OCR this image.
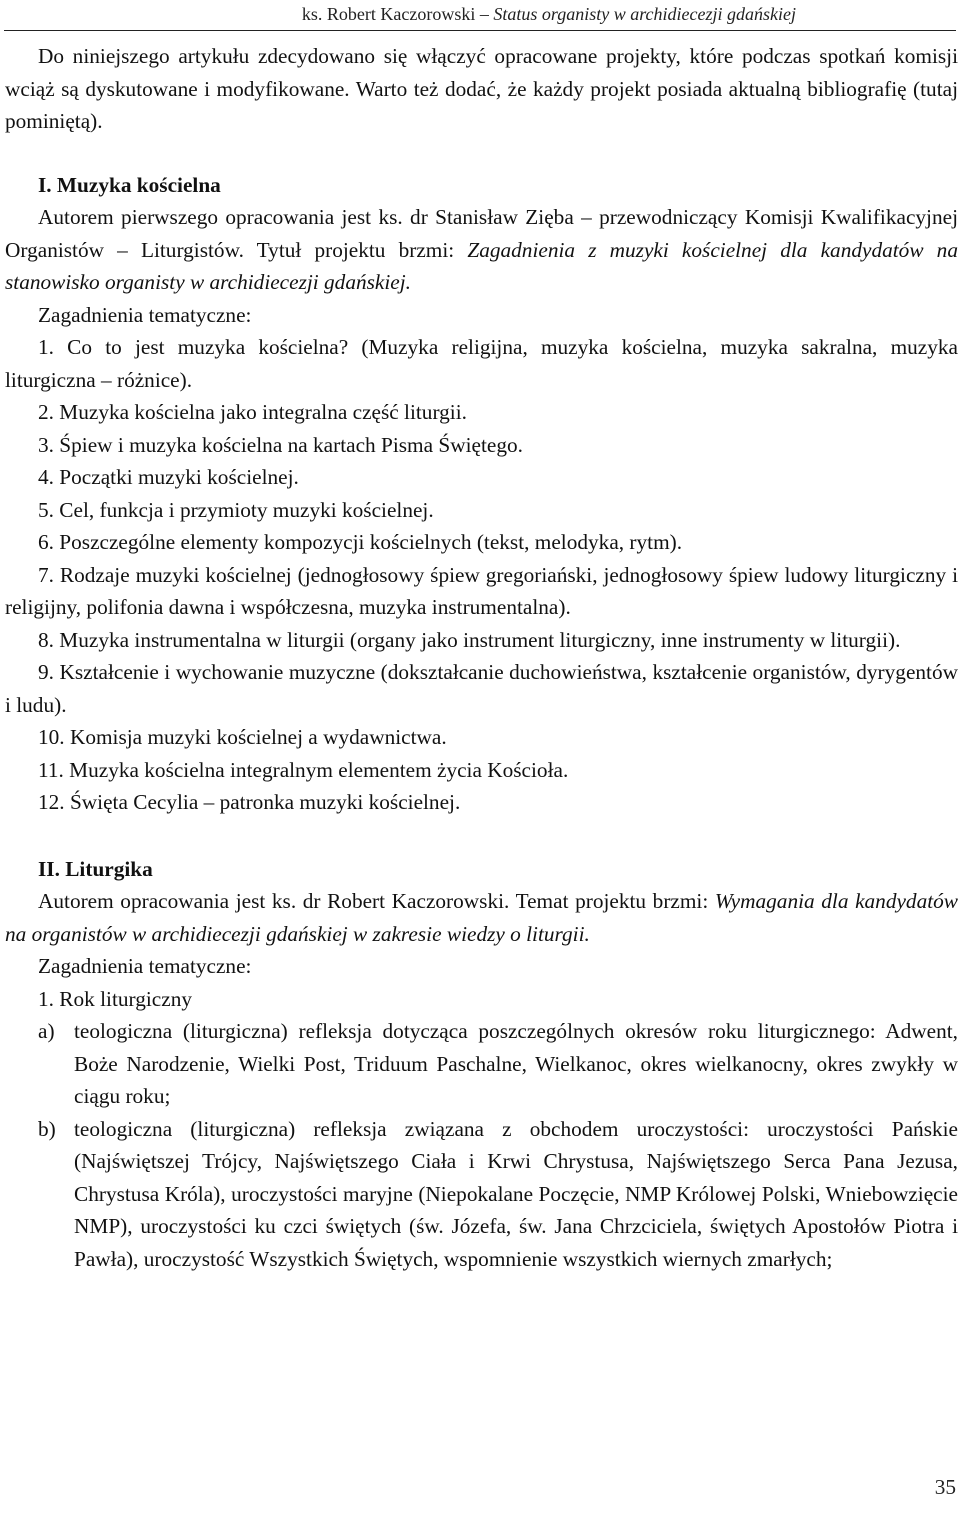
ks. Robert Kaczorowski – Status organisty w archidiecezji gdańskiej

Do niniejszego artykułu zdecydowano się włączyć opracowane projekty, które podczas spotkań komisji wciąż są dyskutowane i modyfikowane. Warto też dodać, że każdy projekt posiada aktualną bibliografię (tutaj pominiętą).

I. Muzyka kościelna

Autorem pierwszego opracowania jest ks. dr Stanisław Zięba – przewodniczący Komisji Kwalifikacyjnej Organistów – Liturgistów. Tytuł projektu brzmi: Zagadnienia z muzyki kościelnej dla kandydatów na stanowisko organisty w archidiecezji gdańskiej.

Zagadnienia tematyczne:

1. Co to jest muzyka kościelna? (Muzyka religijna, muzyka kościelna, muzyka sakralna, muzyka liturgiczna – różnice).

2. Muzyka kościelna jako integralna część liturgii.

3. Śpiew i muzyka kościelna na kartach Pisma Świętego.

4. Początki muzyki kościelnej.

5. Cel, funkcja i przymioty muzyki kościelnej.

6. Poszczególne elementy kompozycji kościelnych (tekst, melodyka, rytm).

7. Rodzaje muzyki kościelnej (jednogłosowy śpiew gregoriański, jednogłosowy śpiew ludowy liturgiczny i religijny, polifonia dawna i współczesna, muzyka instrumentalna).

8. Muzyka instrumentalna w liturgii (organy jako instrument liturgiczny, inne instrumenty w liturgii).

9. Kształcenie i wychowanie muzyczne (dokształcanie duchowieństwa, kształcenie organistów, dyrygentów i ludu).

10. Komisja muzyki kościelnej a wydawnictwa.

11. Muzyka kościelna integralnym elementem życia Kościoła.

12. Święta Cecylia – patronka muzyki kościelnej.

II. Liturgika

Autorem opracowania jest ks. dr Robert Kaczorowski. Temat projektu brzmi: Wymagania dla kandydatów na organistów w archidiecezji gdańskiej w zakresie wiedzy o liturgii.

Zagadnienia tematyczne:

1. Rok liturgiczny

a) teologiczna (liturgiczna) refleksja dotycząca poszczególnych okresów roku liturgicznego: Adwent, Boże Narodzenie, Wielki Post, Triduum Paschalne, Wielkanoc, okres wielkanocny, okres zwykły w ciągu roku;
b) teologiczna (liturgiczna) refleksja związana z obchodem uroczystości: uroczystości Pańskie (Najświętszej Trójcy, Najświętszego Ciała i Krwi Chrystusa, Najświętszego Serca Pana Jezusa, Chrystusa Króla), uroczystości maryjne (Niepokalane Poczęcie, NMP Królowej Polski, Wniebowzięcie NMP), uroczystości ku czci świętych (św. Józefa, św. Jana Chrzciciela, świętych Apostołów Piotra i Pawła), uroczystość Wszystkich Świętych, wspomnienie wszystkich wiernych zmarłych;
35
